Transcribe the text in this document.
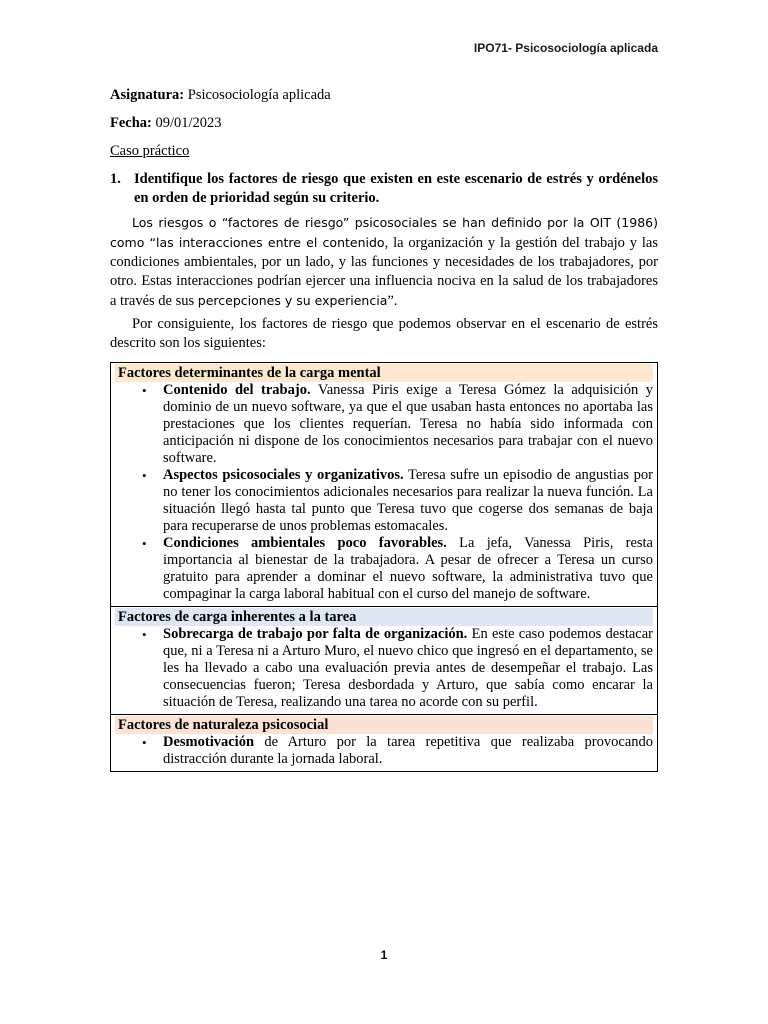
IPO71- Psicosociología aplicada
Asignatura: Psicosociología aplicada
Fecha: 09/01/2023
Caso práctico
1. Identifique los factores de riesgo que existen en este escenario de estrés y ordénelos en orden de prioridad según su criterio.

Los riesgos o “factores de riesgo” psicosociales se han definido por la OIT (1986) como “las interacciones entre el contenido, la organización y la gestión del trabajo y las condiciones ambientales, por un lado, y las funciones y necesidades de los trabajadores, por otro. Estas interacciones podrían ejercer una influencia nociva en la salud de los trabajadores a través de sus percepciones y su experiencia”.

Por consiguiente, los factores de riesgo que podemos observar en el escenario de estrés descrito son los siguientes:

Factores determinantes de la carga mental
• Contenido del trabajo. Vanessa Piris exige a Teresa Gómez la adquisición y dominio de un nuevo software, ya que el que usaban hasta entonces no aportaba las prestaciones que los clientes requerían. Teresa no había sido informada con anticipación ni dispone de los conocimientos necesarios para trabajar con el nuevo software.
• Aspectos psicosociales y organizativos. Teresa sufre un episodio de angustias por no tener los conocimientos adicionales necesarios para realizar la nueva función. La situación llegó hasta tal punto que Teresa tuvo que cogerse dos semanas de baja para recuperarse de unos problemas estomacales.
• Condiciones ambientales poco favorables. La jefa, Vanessa Piris, resta importancia al bienestar de la trabajadora. A pesar de ofrecer a Teresa un curso gratuito para aprender a dominar el nuevo software, la administrativa tuvo que compaginar la carga laboral habitual con el curso del manejo de software.
Factores de carga inherentes a la tarea
• Sobrecarga de trabajo por falta de organización. En este caso podemos destacar que, ni a Teresa ni a Arturo Muro, el nuevo chico que ingresó en el departamento, se les ha llevado a cabo una evaluación previa antes de desempeñar el trabajo. Las consecuencias fueron; Teresa desbordada y Arturo, que sabía como encarar la situación de Teresa, realizando una tarea no acorde con su perfil.
Factores de naturaleza psicosocial
• Desmotivación de Arturo por la tarea repetitiva que realizaba provocando distracción durante la jornada laboral.
1
